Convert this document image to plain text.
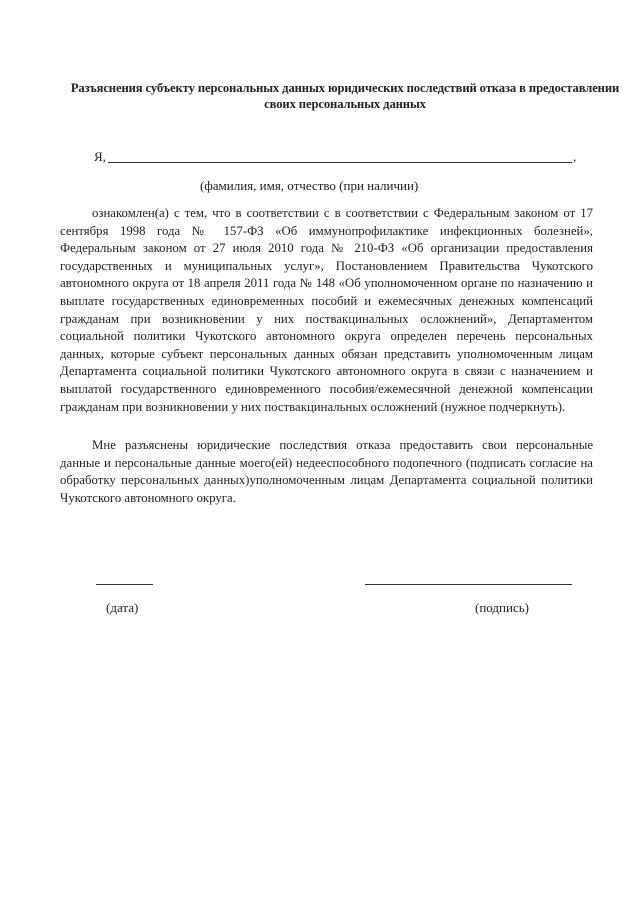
Разъяснения субъекту персональных данных юридических последствий отказа в предоставлении своих персональных данных
Я,	,
(фамилия, имя, отчество (при наличии)

ознакомлен(а) с тем, что в соответствии с в соответствии с Федеральным законом от 17 сентября 1998 года № 157-ФЗ «Об иммунопрофилактике инфекционных болезней», Федеральным законом от 27 июля 2010 года № 210-ФЗ «Об организации предоставления государственных и муниципальных услуг», Постановлением Правительства Чукотского автономного округа от 18 апреля 2011 года № 148 «Об уполномоченном органе по назначению и выплате государственных единовременных пособий и ежемесячных денежных компенсаций гражданам при возникновении у них поствакцинальных осложнений», Департаментом социальной политики Чукотского автономного округа определен перечень персональных данных, которые субъект персональных данных обязан представить уполномоченным лицам Департамента социальной политики Чукотского автономного округа в связи с назначением и выплатой государственного единовременного пособия/ежемесячной денежной компенсации гражданам при возникновении у них поствакцинальных осложнений (нужное подчеркнуть).

Мне разъяснены юридические последствия отказа предоставить свои персональные данные и персональные данные моего(ей) недееспособного подопечного (подписать согласие на обработку персональных данных)уполномоченным лицам Департамента социальной политики Чукотского автономного округа.

(дата)	(подпись)
